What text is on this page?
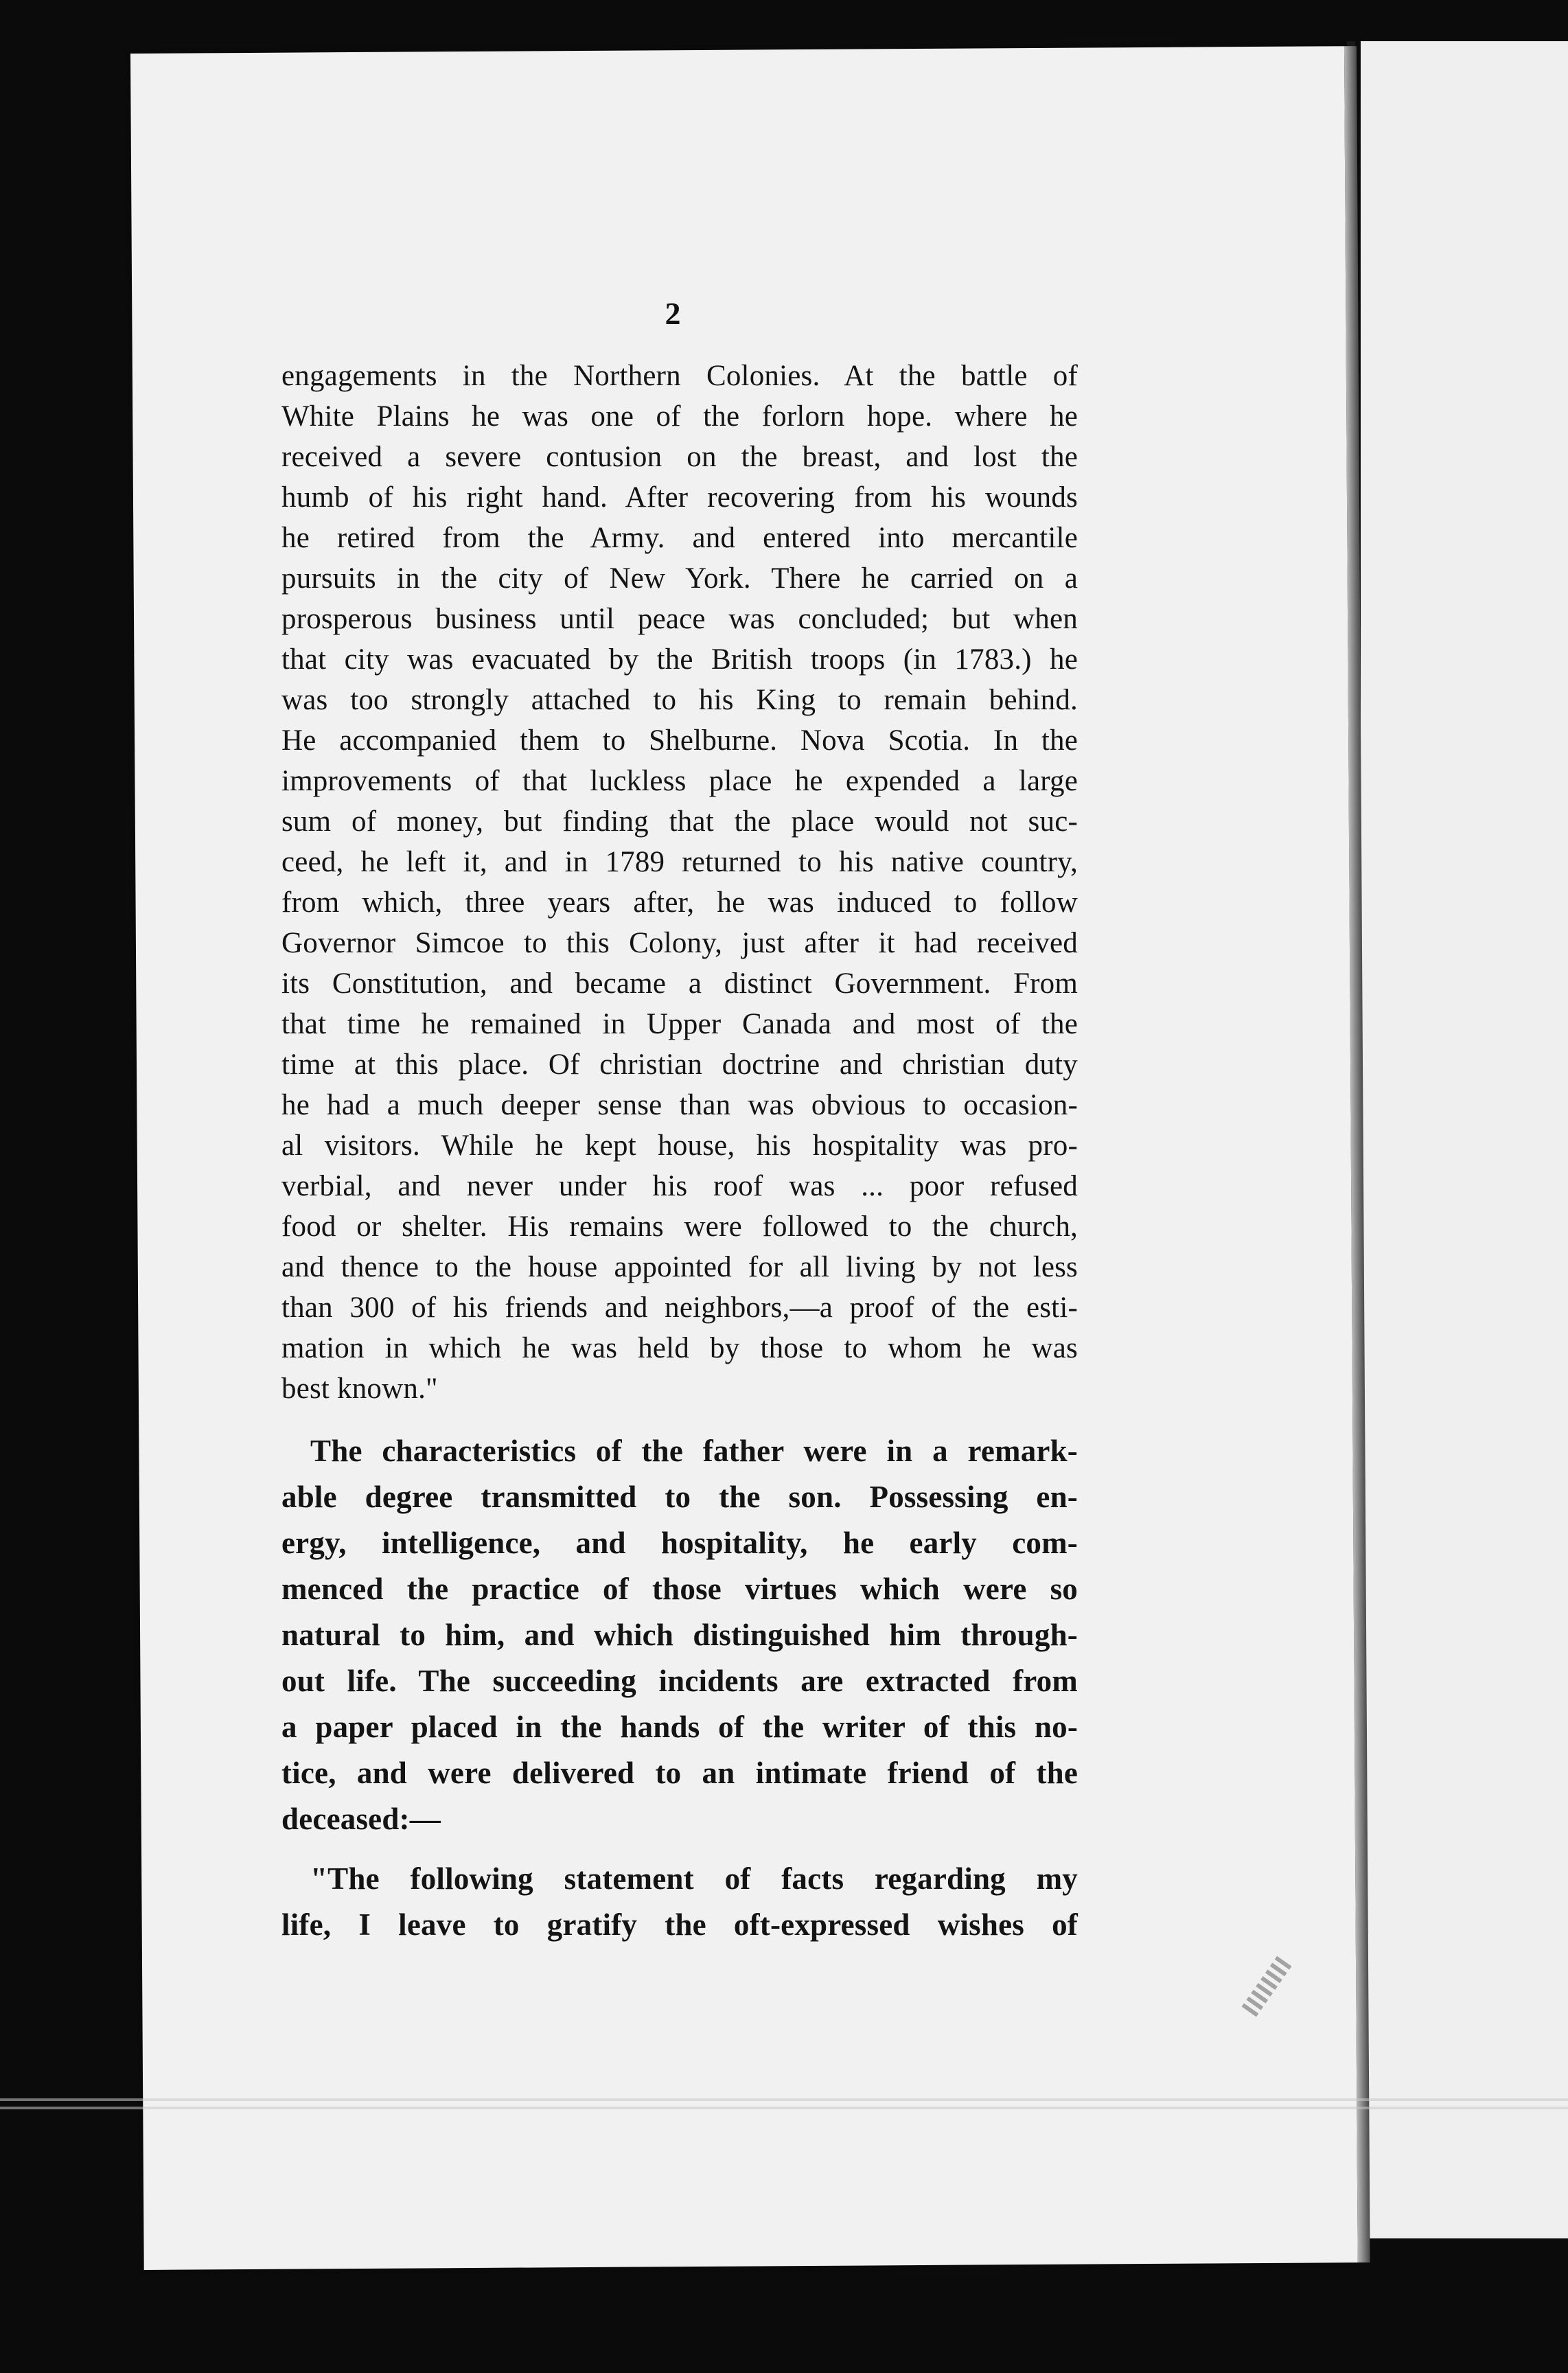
2
engagements in the Northern Colonies. At the battle of
White Plains he was one of the forlorn hope. where he
received a severe contusion on the breast, and lost the
humb of his right hand. After recovering from his wounds
he retired from the Army. and entered into mercantile
pursuits in the city of New York. There he carried on a
prosperous business until peace was concluded; but when
that city was evacuated by the British troops (in 1783.) he
was too strongly attached to his King to remain behind.
He accompanied them to Shelburne. Nova Scotia. In the
improvements of that luckless place he expended a large
sum of money, but finding that the place would not suc-
ceed, he left it, and in 1789 returned to his native country,
from which, three years after, he was induced to follow
Governor Simcoe to this Colony, just after it had received
its Constitution, and became a distinct Government. From
that time he remained in Upper Canada and most of the
time at this place. Of christian doctrine and christian duty
he had a much deeper sense than was obvious to occasion-
al visitors. While he kept house, his hospitality was pro-
verbial, and never under his roof was ... poor refused
food or shelter. His remains were followed to the church,
and thence to the house appointed for all living by not less
than 300 of his friends and neighbors,—a proof of the esti-
mation in which he was held by those to whom he was
best known."
The characteristics of the father were in a remark-
able degree transmitted to the son. Possessing en-
ergy, intelligence, and hospitality, he early com-
menced the practice of those virtues which were so
natural to him, and which distinguished him through-
out life. The succeeding incidents are extracted from
a paper placed in the hands of the writer of this no-
tice, and were delivered to an intimate friend of the
deceased:—
"The following statement of facts regarding my
life, I leave to gratify the oft-expressed wishes of
